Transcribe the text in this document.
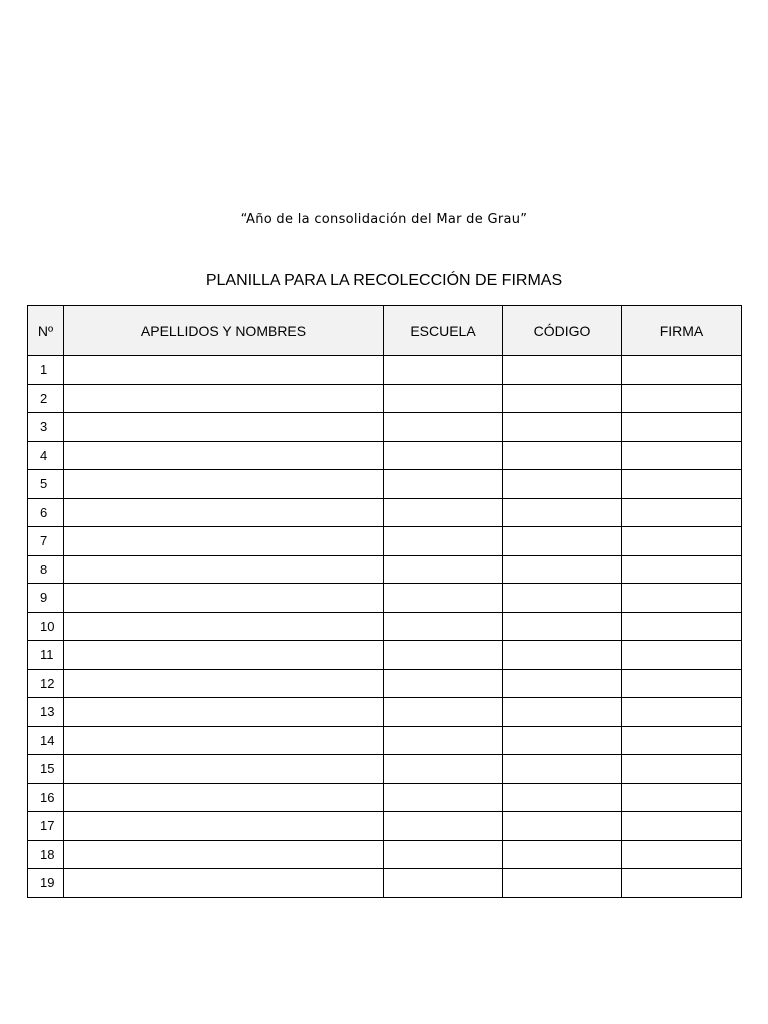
“Año de la consolidación del Mar de Grau”
PLANILLA PARA LA RECOLECCIÓN DE FIRMAS
Nº	APELLIDOS Y NOMBRES	ESCUELA	CÓDIGO	FIRMA
1				
2				
3				
4				
5				
6				
7				
8				
9				
10				
11				
12				
13				
14				
15				
16				
17				
18				
19				
